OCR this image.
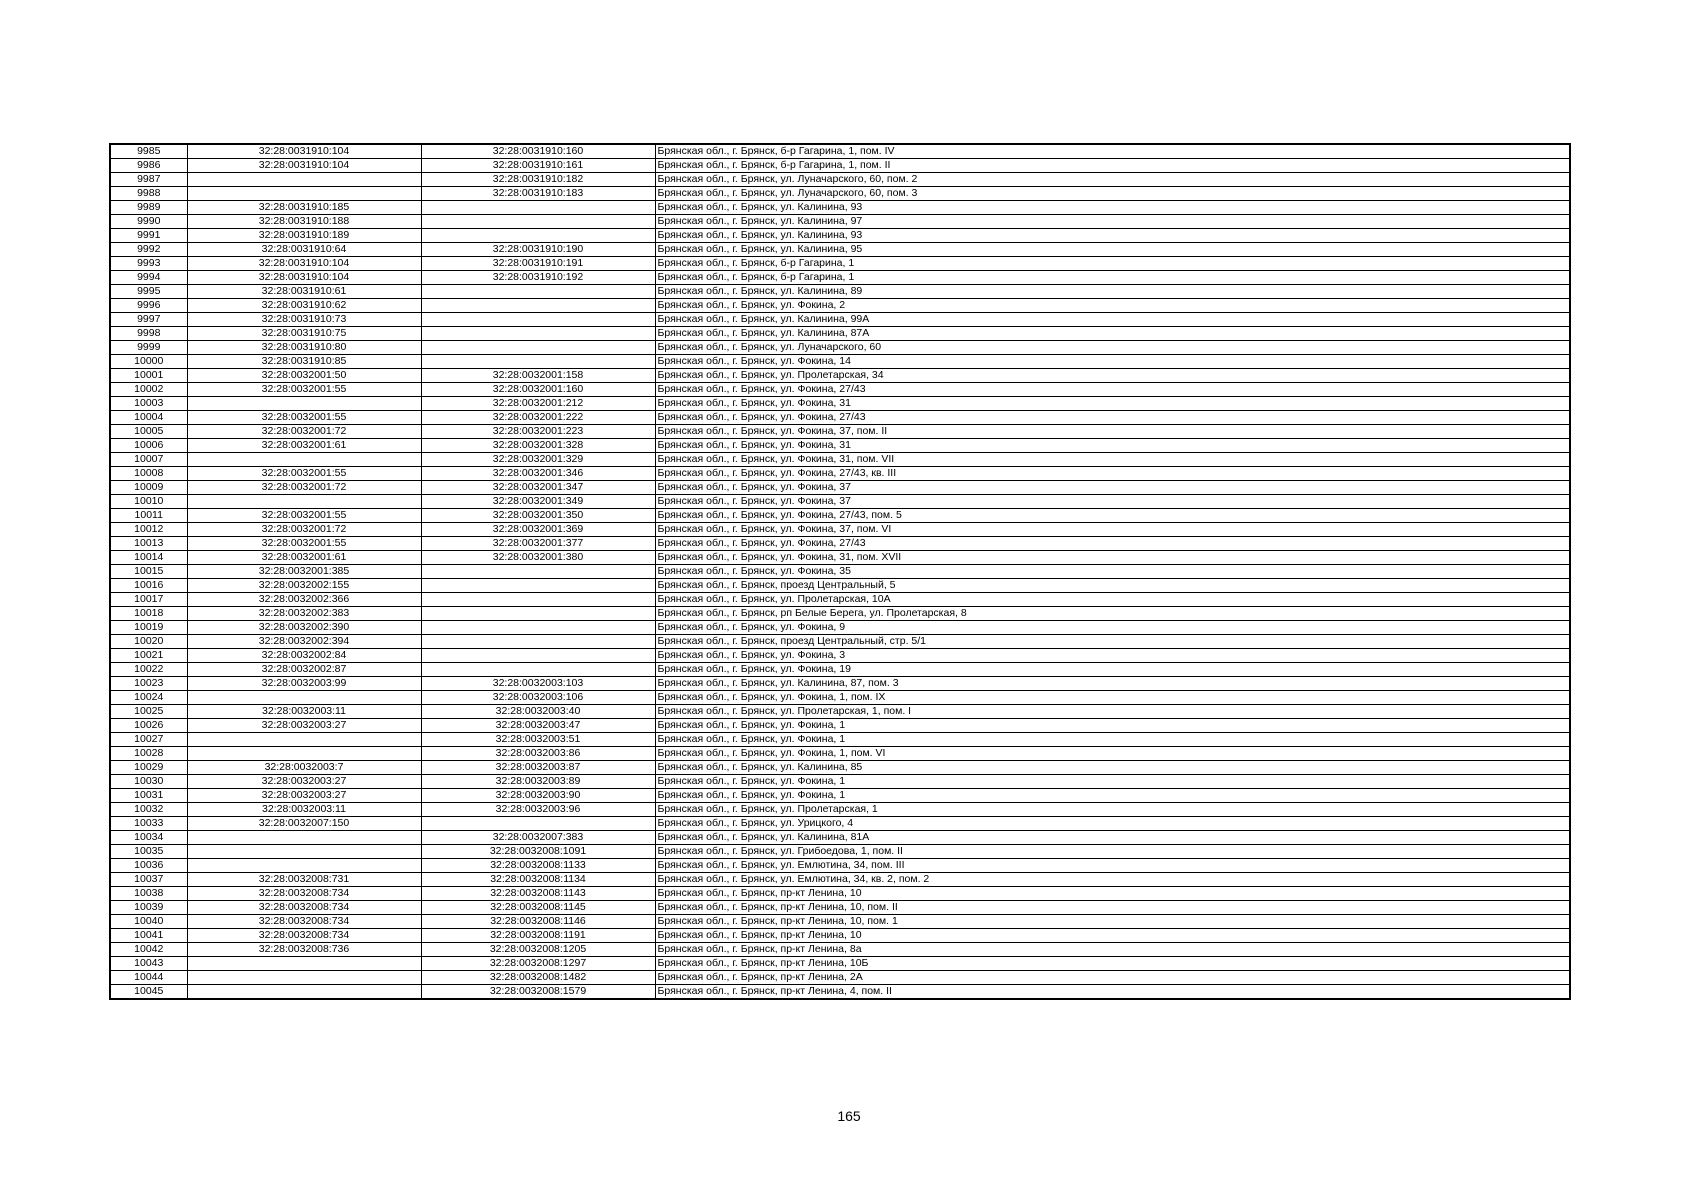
9985	32:28:0031910:104	32:28:0031910:160	Брянская обл., г. Брянск, б-р Гагарина, 1, пом. IV
9986	32:28:0031910:104	32:28:0031910:161	Брянская обл., г. Брянск, б-р Гагарина, 1, пом. II
9987		32:28:0031910:182	Брянская обл., г. Брянск, ул. Луначарского, 60, пом. 2
9988		32:28:0031910:183	Брянская обл., г. Брянск, ул. Луначарского, 60, пом. 3
9989	32:28:0031910:185		Брянская обл., г. Брянск, ул. Калинина, 93
9990	32:28:0031910:188		Брянская обл., г. Брянск, ул. Калинина, 97
9991	32:28:0031910:189		Брянская обл., г. Брянск, ул. Калинина, 93
9992	32:28:0031910:64	32:28:0031910:190	Брянская обл., г. Брянск, ул. Калинина, 95
9993	32:28:0031910:104	32:28:0031910:191	Брянская обл., г. Брянск, б-р Гагарина, 1
9994	32:28:0031910:104	32:28:0031910:192	Брянская обл., г. Брянск, б-р Гагарина, 1
9995	32:28:0031910:61		Брянская обл., г. Брянск, ул. Калинина, 89
9996	32:28:0031910:62		Брянская обл., г. Брянск, ул. Фокина, 2
9997	32:28:0031910:73		Брянская обл., г. Брянск, ул. Калинина, 99А
9998	32:28:0031910:75		Брянская обл., г. Брянск, ул. Калинина, 87А
9999	32:28:0031910:80		Брянская обл., г. Брянск, ул. Луначарского, 60
10000	32:28:0031910:85		Брянская обл., г. Брянск, ул. Фокина, 14
10001	32:28:0032001:50	32:28:0032001:158	Брянская обл., г. Брянск, ул. Пролетарская, 34
10002	32:28:0032001:55	32:28:0032001:160	Брянская обл., г. Брянск, ул. Фокина, 27/43
10003		32:28:0032001:212	Брянская обл., г. Брянск, ул. Фокина, 31
10004	32:28:0032001:55	32:28:0032001:222	Брянская обл., г. Брянск, ул. Фокина, 27/43
10005	32:28:0032001:72	32:28:0032001:223	Брянская обл., г. Брянск, ул. Фокина, 37, пом. II
10006	32:28:0032001:61	32:28:0032001:328	Брянская обл., г. Брянск, ул. Фокина, 31
10007		32:28:0032001:329	Брянская обл., г. Брянск, ул. Фокина, 31, пом. VII
10008	32:28:0032001:55	32:28:0032001:346	Брянская обл., г. Брянск, ул. Фокина, 27/43, кв. III
10009	32:28:0032001:72	32:28:0032001:347	Брянская обл., г. Брянск, ул. Фокина, 37
10010		32:28:0032001:349	Брянская обл., г. Брянск, ул. Фокина, 37
10011	32:28:0032001:55	32:28:0032001:350	Брянская обл., г. Брянск, ул. Фокина, 27/43, пом. 5
10012	32:28:0032001:72	32:28:0032001:369	Брянская обл., г. Брянск, ул. Фокина, 37, пом. VI
10013	32:28:0032001:55	32:28:0032001:377	Брянская обл., г. Брянск, ул. Фокина, 27/43
10014	32:28:0032001:61	32:28:0032001:380	Брянская обл., г. Брянск, ул. Фокина, 31, пом. XVII
10015	32:28:0032001:385		Брянская обл., г. Брянск, ул. Фокина, 35
10016	32:28:0032002:155		Брянская обл., г. Брянск, проезд Центральный, 5
10017	32:28:0032002:366		Брянская обл., г. Брянск, ул. Пролетарская, 10А
10018	32:28:0032002:383		Брянская обл., г. Брянск, рп Белые Берега, ул. Пролетарская, 8
10019	32:28:0032002:390		Брянская обл., г. Брянск, ул. Фокина, 9
10020	32:28:0032002:394		Брянская обл., г. Брянск, проезд Центральный, стр. 5/1
10021	32:28:0032002:84		Брянская обл., г. Брянск, ул. Фокина, 3
10022	32:28:0032002:87		Брянская обл., г. Брянск, ул. Фокина, 19
10023	32:28:0032003:99	32:28:0032003:103	Брянская обл., г. Брянск, ул. Калинина, 87, пом. 3
10024		32:28:0032003:106	Брянская обл., г. Брянск, ул. Фокина, 1, пом. IX
10025	32:28:0032003:11	32:28:0032003:40	Брянская обл., г. Брянск, ул. Пролетарская, 1, пом. I
10026	32:28:0032003:27	32:28:0032003:47	Брянская обл., г. Брянск, ул. Фокина, 1
10027		32:28:0032003:51	Брянская обл., г. Брянск, ул. Фокина, 1
10028		32:28:0032003:86	Брянская обл., г. Брянск, ул. Фокина, 1, пом. VI
10029	32:28:0032003:7	32:28:0032003:87	Брянская обл., г. Брянск, ул. Калинина, 85
10030	32:28:0032003:27	32:28:0032003:89	Брянская обл., г. Брянск, ул. Фокина, 1
10031	32:28:0032003:27	32:28:0032003:90	Брянская обл., г. Брянск, ул. Фокина, 1
10032	32:28:0032003:11	32:28:0032003:96	Брянская обл., г. Брянск, ул. Пролетарская, 1
10033	32:28:0032007:150		Брянская обл., г. Брянск, ул. Урицкого, 4
10034		32:28:0032007:383	Брянская обл., г. Брянск, ул. Калинина, 81А
10035		32:28:0032008:1091	Брянская обл., г. Брянск, ул. Грибоедова, 1, пом. II
10036		32:28:0032008:1133	Брянская обл., г. Брянск, ул. Емлютина, 34, пом. III
10037	32:28:0032008:731	32:28:0032008:1134	Брянская обл., г. Брянск, ул. Емлютина, 34, кв. 2, пом. 2
10038	32:28:0032008:734	32:28:0032008:1143	Брянская обл., г. Брянск, пр-кт Ленина, 10
10039	32:28:0032008:734	32:28:0032008:1145	Брянская обл., г. Брянск, пр-кт Ленина, 10, пом. II
10040	32:28:0032008:734	32:28:0032008:1146	Брянская обл., г. Брянск, пр-кт Ленина, 10, пом. 1
10041	32:28:0032008:734	32:28:0032008:1191	Брянская обл., г. Брянск, пр-кт Ленина, 10
10042	32:28:0032008:736	32:28:0032008:1205	Брянская обл., г. Брянск, пр-кт Ленина, 8а
10043		32:28:0032008:1297	Брянская обл., г. Брянск, пр-кт Ленина, 10Б
10044		32:28:0032008:1482	Брянская обл., г. Брянск, пр-кт Ленина, 2А
10045		32:28:0032008:1579	Брянская обл., г. Брянск, пр-кт Ленина, 4, пом. II
165
